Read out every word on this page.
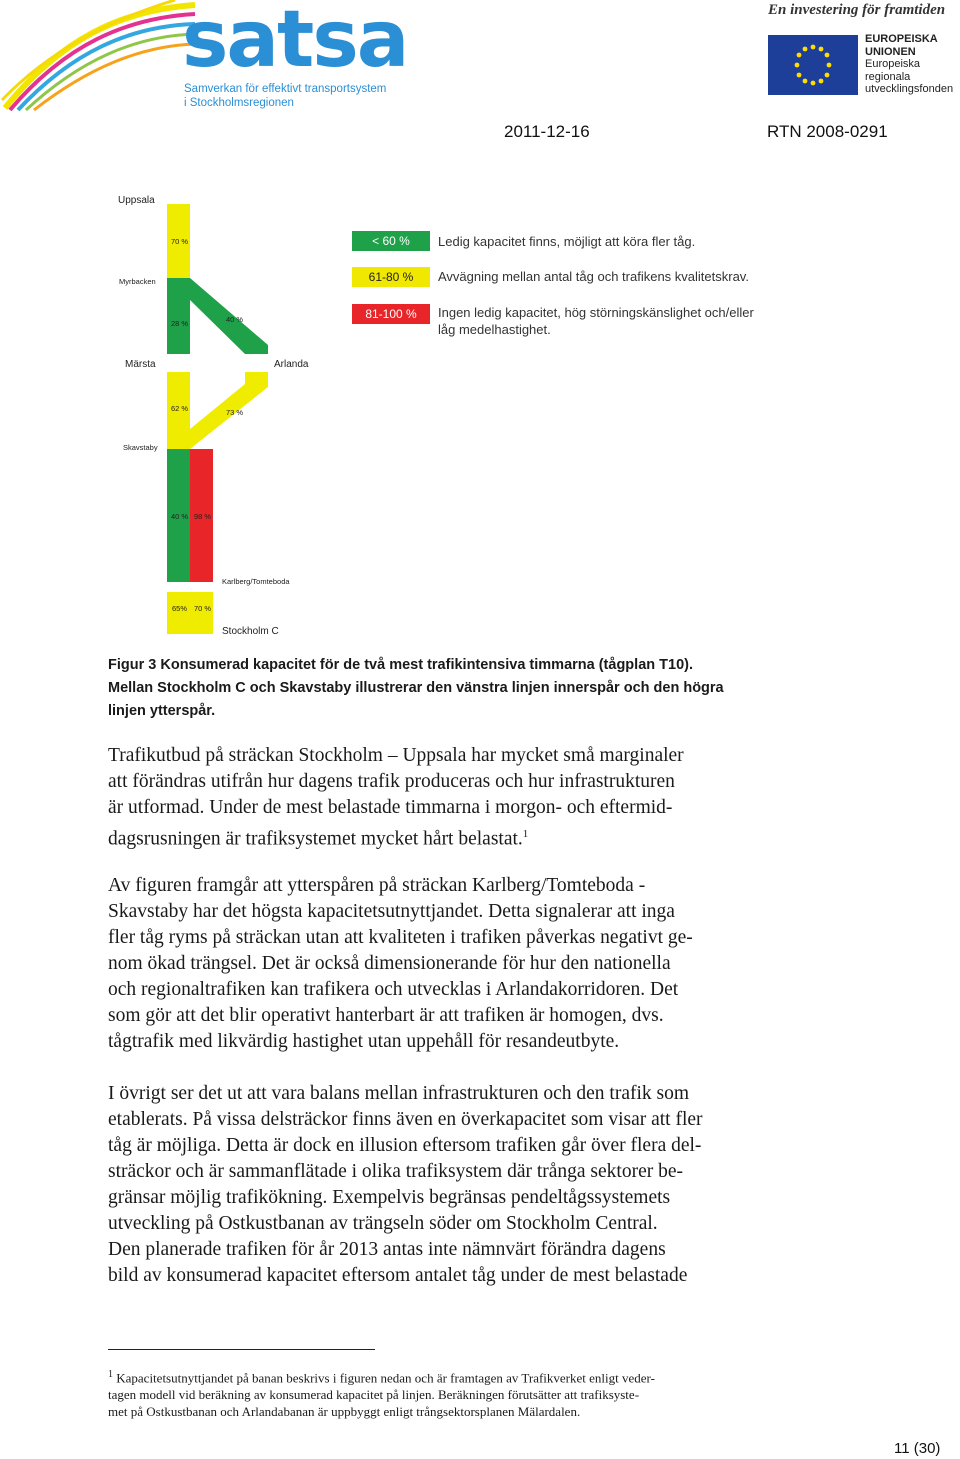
satsa
Samverkan för effektivt transportsystem
i Stockholmsregionen
En investering för framtiden
EUROPEISKA
UNIONEN
Europeiska
regionala
utvecklingsfonden
2011-12-16	RTN 2008-0291
Uppsala
70 %
Myrbacken
28 %	40 %
Märsta	Arlanda
62 %	73 %
Skavstaby
40 % 98 %
Karlberg/Tomteboda
65% 70 %
Stockholm C
< 60 %	Ledig kapacitet finns, möjligt att köra fler tåg.
61-80 %	Avvägning mellan antal tåg och trafikens kvalitetskrav.
81-100 %	Ingen ledig kapacitet, hög störningskänslighet och/eller
låg medelhastighet.
Figur 3 Konsumerad kapacitet för de två mest trafikintensiva timmarna (tågplan T10).
Mellan Stockholm C och Skavstaby illustrerar den vänstra linjen innerspår och den högra
linjen ytterspår.
Trafikutbud på sträckan Stockholm – Uppsala har mycket små marginaler
att förändras utifrån hur dagens trafik produceras och hur infrastrukturen
är utformad. Under de mest belastade timmarna i morgon- och eftermid-
dagsrusningen är trafiksystemet mycket hårt belastat.$^1$
Av figuren framgår att ytterspåren på sträckan Karlberg/Tomteboda -
Skavstaby har det högsta kapacitetsutnyttjandet. Detta signalerar att inga
fler tåg ryms på sträckan utan att kvaliteten i trafiken påverkas negativt ge-
nom ökad trängsel. Det är också dimensionerande för hur den nationella
och regionaltrafiken kan trafikera och utvecklas i Arlandakorridoren. Det
som gör att det blir operativt hanterbart är att trafiken är homogen, dvs.
tågtrafik med likvärdig hastighet utan uppehåll för resandeutbyte.
I övrigt ser det ut att vara balans mellan infrastrukturen och den trafik som
etablerats. På vissa delsträckor finns även en överkapacitet som visar att fler
tåg är möjliga. Detta är dock en illusion eftersom trafiken går över flera del-
sträckor och är sammanflätade i olika trafiksystem där trånga sektorer be-
gränsar möjlig trafikökning. Exempelvis begränsas pendeltågssystemets
utveckling på Ostkustbanan av trängseln söder om Stockholm Central.
Den planerade trafiken för år 2013 antas inte nämnvärt förändra dagens
bild av konsumerad kapacitet eftersom antalet tåg under de mest belastade
$^1$ Kapacitetsutnyttjandet på banan beskrivs i figuren nedan och är framtagen av Trafikverket enligt veder-
tagen modell vid beräkning av konsumerad kapacitet på linjen. Beräkningen förutsätter att trafiksyste-
met på Ostkustbanan och Arlandabanan är uppbyggt enligt trångsektorsplanen Mälardalen.
11 (30)
